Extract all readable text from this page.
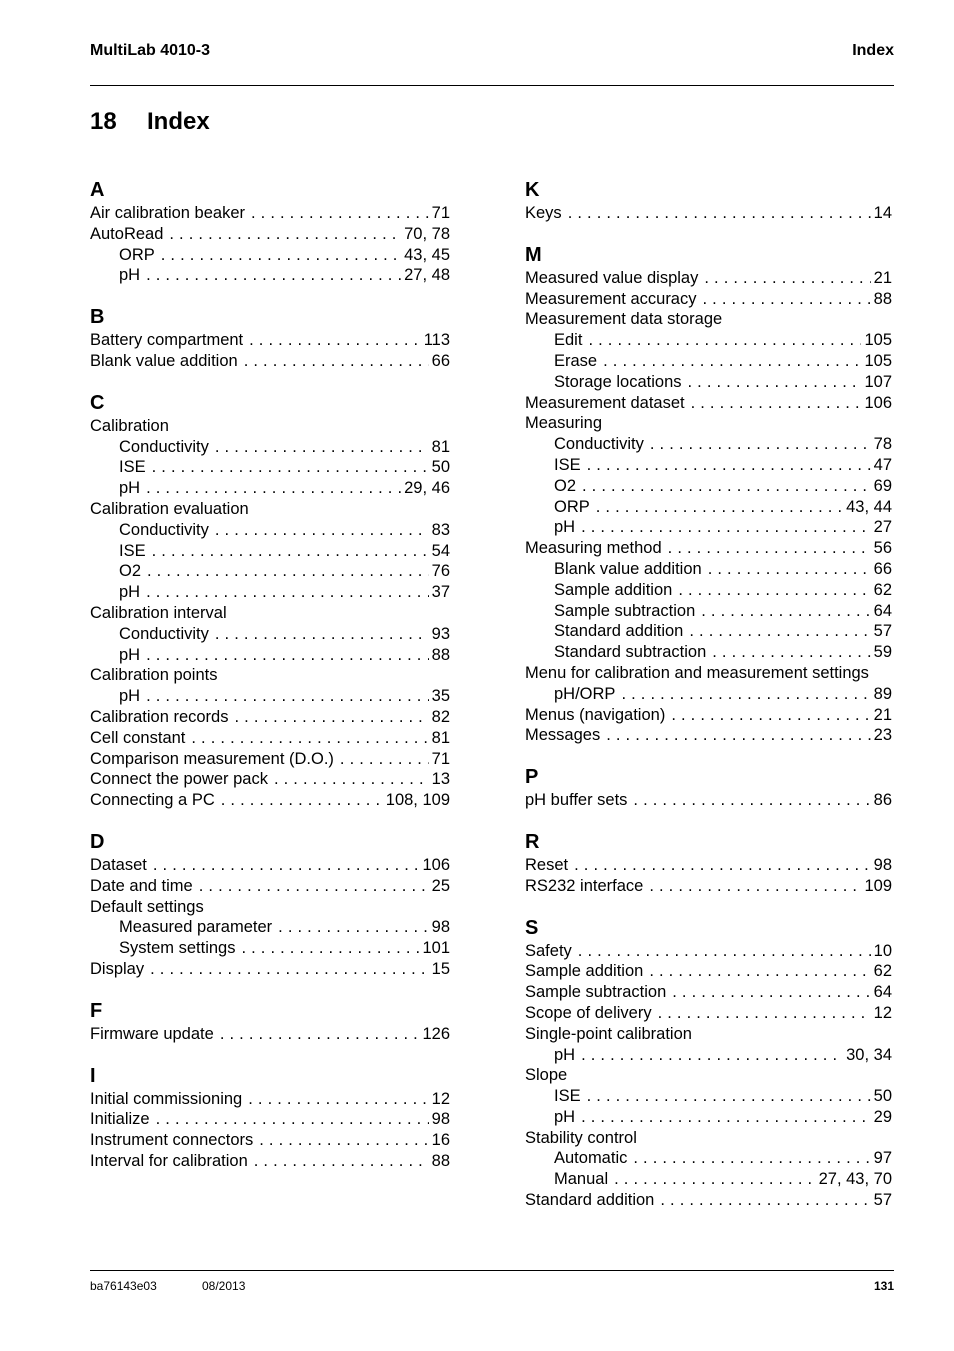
MultiLab 4010-3	Index
18 Index
A
Air calibration beaker . . .	71
AutoRead . . .	70, 78
ORP . . .	43, 45
pH . . .	27, 48
B
Battery compartment . . .	113
Blank value addition . . .	66
C
Calibration
Conductivity . . .	81
ISE . . .	50
pH . . .	29, 46
Calibration evaluation
Conductivity . . .	83
ISE . . .	54
O2 . . .	76
pH . . .	37
Calibration interval
Conductivity . . .	93
pH . . .	88
Calibration points
pH . . .	35
Calibration records . . .	82
Cell constant . . .	81
Comparison measurement (D.O.) . . .	71
Connect the power pack . . .	13
Connecting a PC . . .	108, 109
D
Dataset . . .	106
Date and time . . .	25
Default settings
Measured parameter . . .	98
System settings . . .	101
Display . . .	15
F
Firmware update . . .	126
I
Initial commissioning . . .	12
Initialize . . .	98
Instrument connectors . . .	16
Interval for calibration . . .	88
K
Keys . . .	14
M
Measured value display . . .	21
Measurement accuracy . . .	88
Measurement data storage
Edit . . .	105
Erase . . .	105
Storage locations . . .	107
Measurement dataset . . .	106
Measuring
Conductivity . . .	78
ISE . . .	47
O2 . . .	69
ORP . . .	43, 44
pH . . .	27
Measuring method . . .	56
Blank value addition . . .	66
Sample addition . . .	62
Sample subtraction . . .	64
Standard addition . . .	57
Standard subtraction . . .	59
Menu for calibration and measurement settings
pH/ORP . . .	89
Menus (navigation) . . .	21
Messages . . .	23
P
pH buffer sets . . .	86
R
Reset . . .	98
RS232 interface . . .	109
S
Safety . . .	10
Sample addition . . .	62
Sample subtraction . . .	64
Scope of delivery . . .	12
Single-point calibration
pH . . .	30, 34
Slope
ISE . . .	50
pH . . .	29
Stability control
Automatic . . .	97
Manual . . .	27, 43, 70
Standard addition . . .	57
ba76143e03	08/2013	131
